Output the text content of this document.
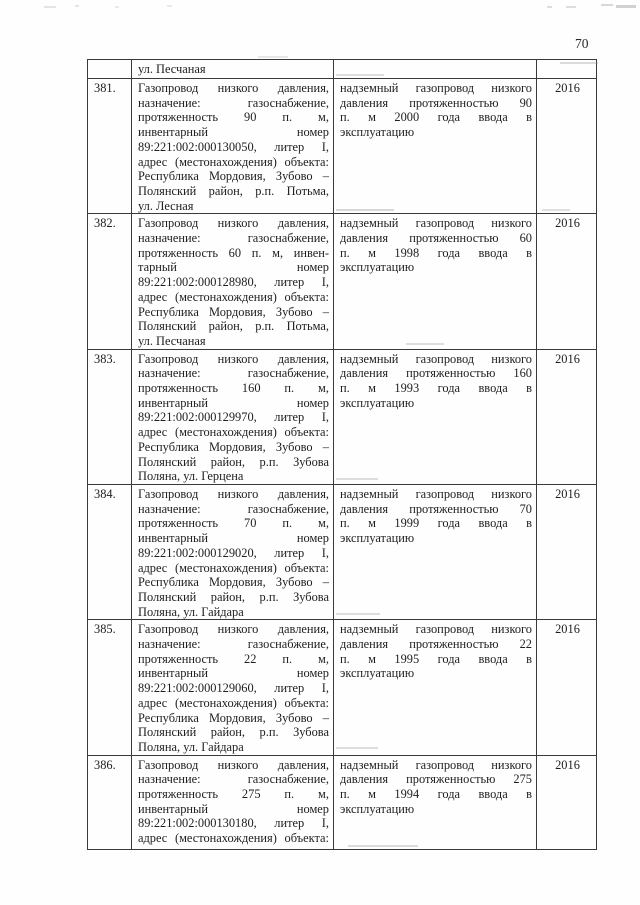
70

	ул. Песчаная		

381.	Газопровод низкого давления,
назначение: газоснабжение,
протяженность 90 п. м,
инвентарный номер
89:221:002:000130050, литер I,
адрес (местонахождения) объекта:
Республика Мордовия, Зубово –
Полянский район, р.п. Потьма,
ул. Лесная

надземный газопровод низкого
давления протяженностью 90
п. м 2000 года ввода в
эксплуатацию
	2016
382.	Газопровод низкого давления,
назначение: газоснабжение,
протяженность 60 п. м, инвен-
тарный номер
89:221:002:000128980, литер I,
адрес (местонахождения) объекта:
Республика Мордовия, Зубово –
Полянский район, р.п. Потьма,
ул. Песчаная

надземный газопровод низкого
давления протяженностью 60
п. м 1998 года ввода в
эксплуатацию
	2016
383.	Газопровод низкого давления,
назначение: газоснабжение,
протяженность 160 п. м,
инвентарный номер
89:221:002:000129970, литер I,
адрес (местонахождения) объекта:
Республика Мордовия, Зубово –
Полянский район, р.п. Зубова
Поляна, ул. Герцена

надземный газопровод низкого
давления протяженностью 160
п. м 1993 года ввода в
эксплуатацию
	2016
384.	Газопровод низкого давления,
назначение: газоснабжение,
протяженность 70 п. м,
инвентарный номер
89:221:002:000129020, литер I,
адрес (местонахождения) объекта:
Республика Мордовия, Зубово –
Полянский район, р.п. Зубова
Поляна, ул. Гайдара

надземный газопровод низкого
давления протяженностью 70
п. м 1999 года ввода в
эксплуатацию
	2016
385.	Газопровод низкого давления,
назначение: газоснабжение,
протяженность 22 п. м,
инвентарный номер
89:221:002:000129060, литер I,
адрес (местонахождения) объекта:
Республика Мордовия, Зубово –
Полянский район, р.п. Зубова
Поляна, ул. Гайдара

надземный газопровод низкого
давления протяженностью 22
п. м 1995 года ввода в
эксплуатацию
	2016
386.	Газопровод низкого давления,
назначение: газоснабжение,
протяженность 275 п. м,
инвентарный номер
89:221:002:000130180, литер I,
адрес (местонахождения) объекта:

надземный газопровод низкого
давления протяженностью 275
п. м 1994 года ввода в
эксплуатацию
	2016
